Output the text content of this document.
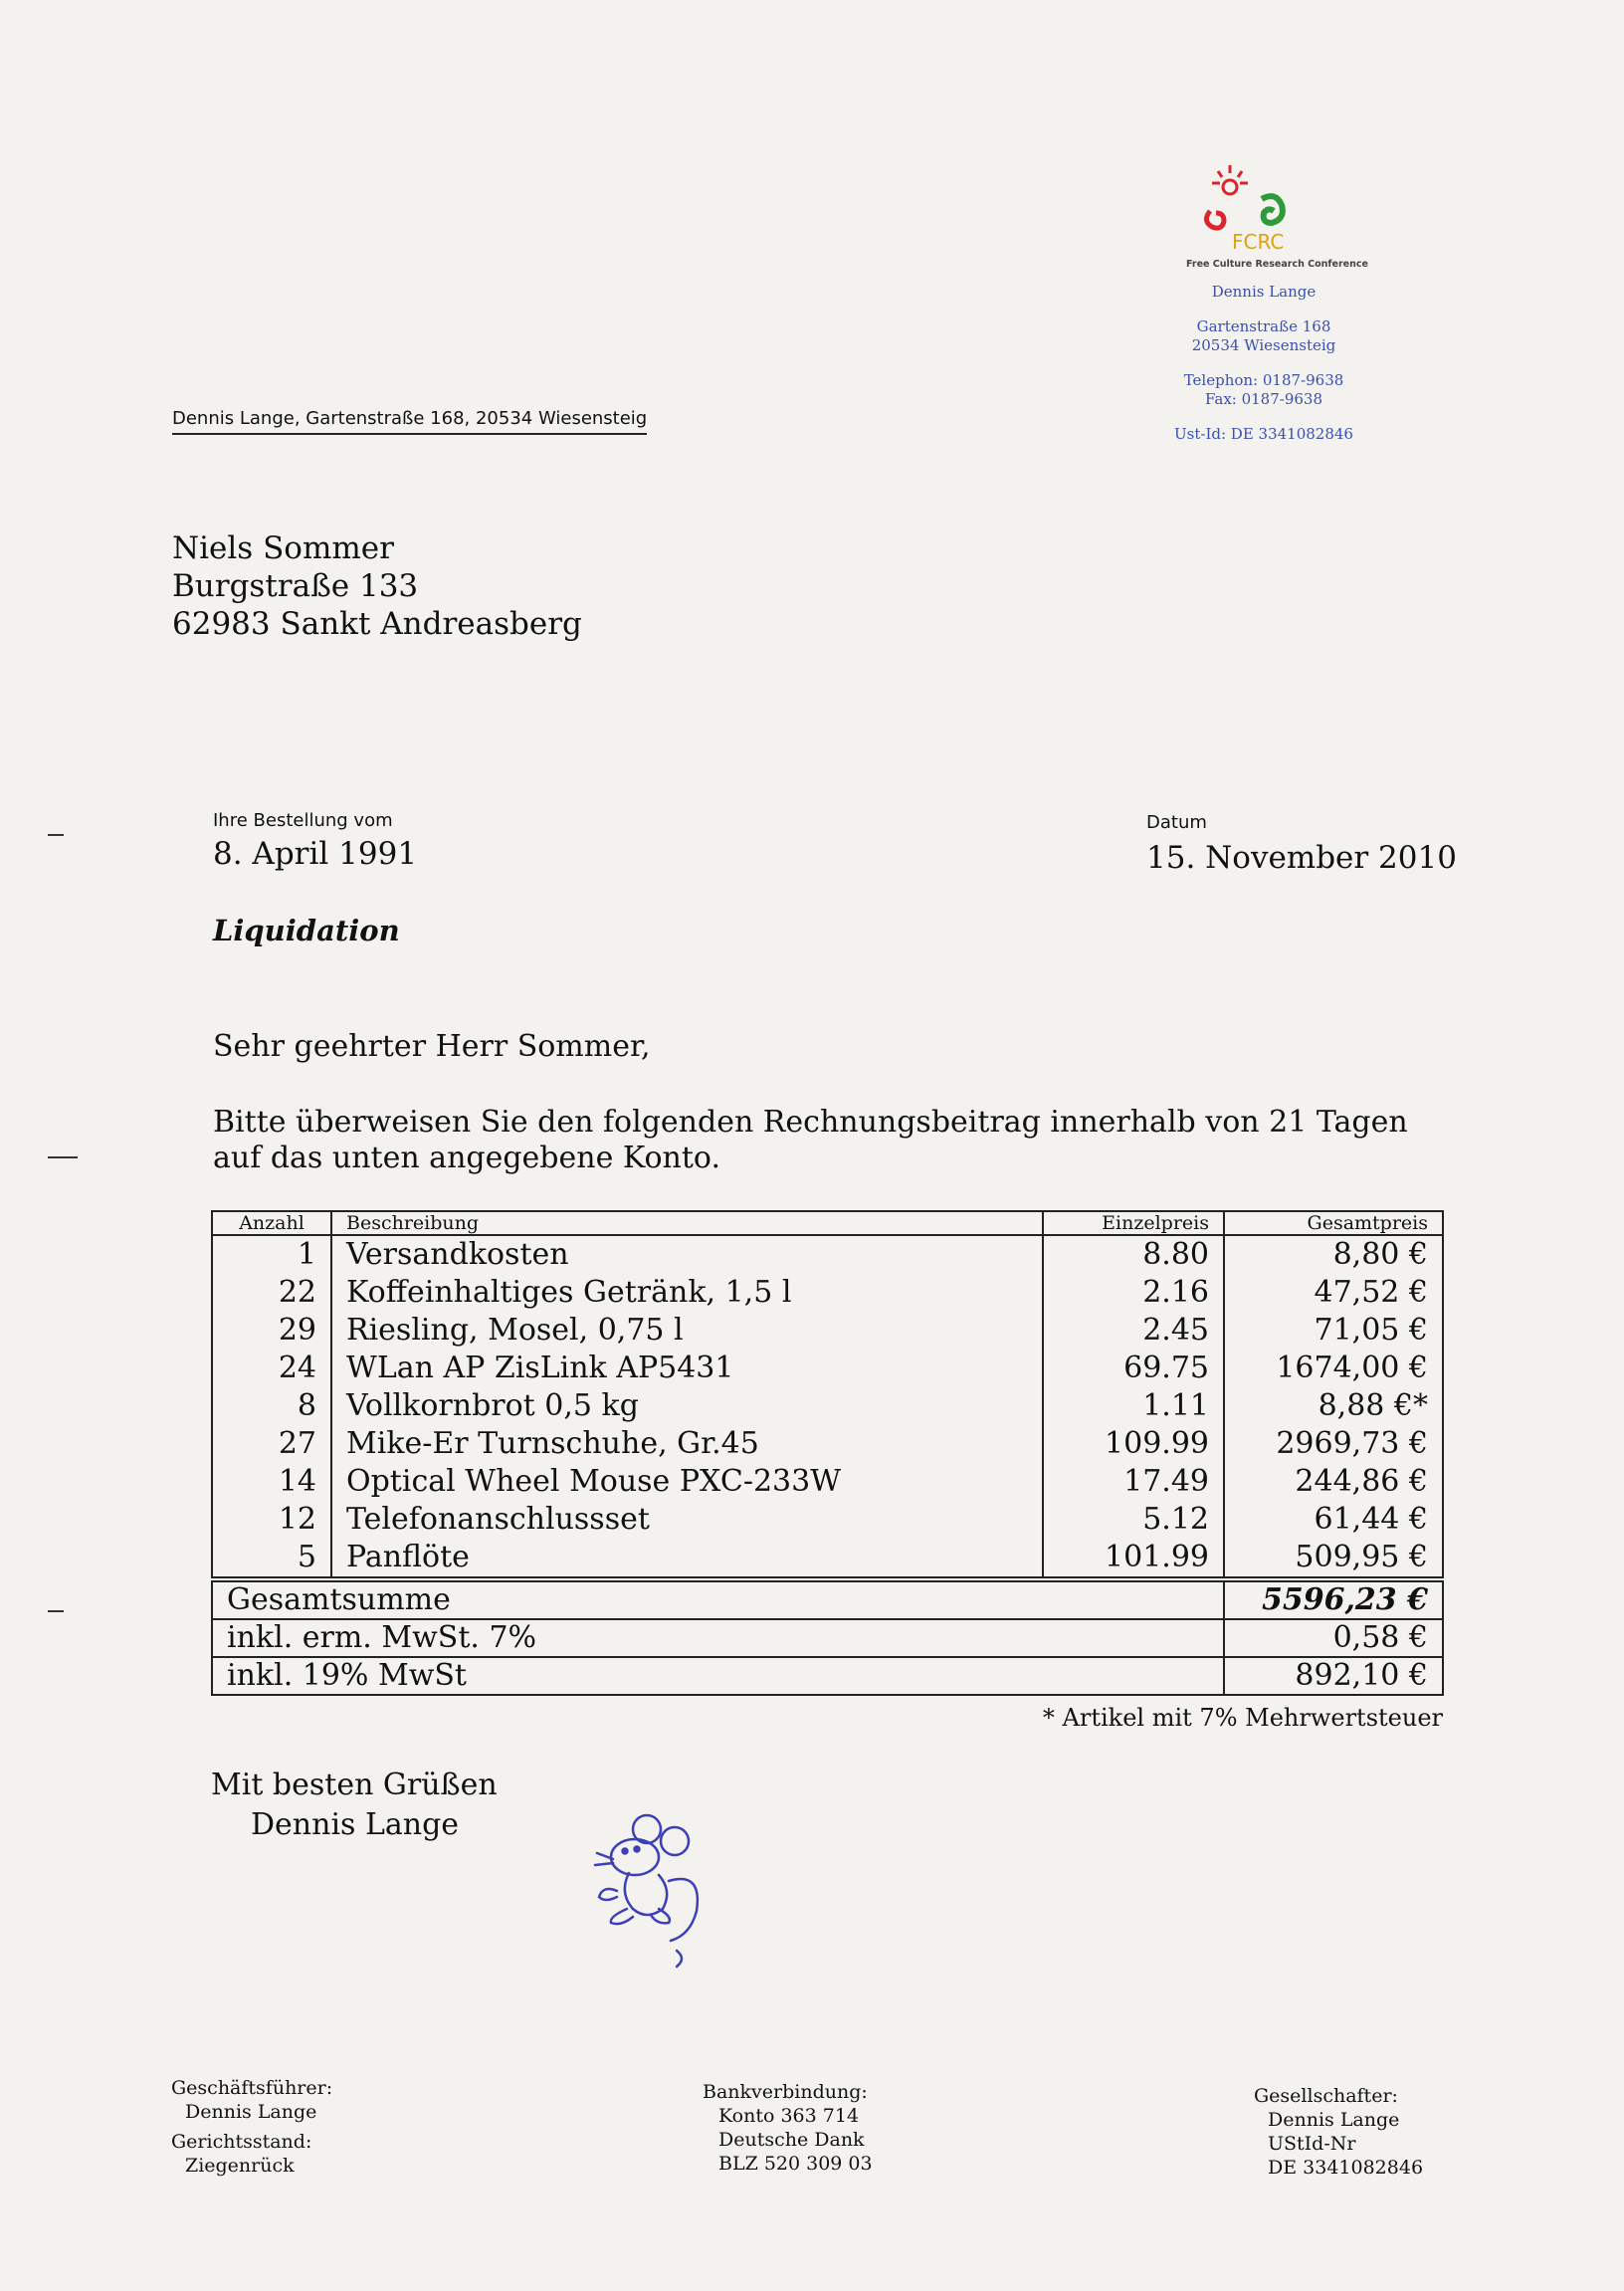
FCRC
Free Culture Research Conference
Dennis Lange
Gartenstraße 168
20534 Wiesensteig
Telephon: 0187-9638
Fax: 0187-9638
Ust-Id: DE 3341082846
Dennis Lange, Gartenstraße 168, 20534 Wiesensteig
Niels Sommer
Burgstraße 133
62983 Sankt Andreasberg
Ihre Bestellung vom
8. April 1991
Datum
15. November 2010
Liquidation
Sehr geehrter Herr Sommer,
Bitte überweisen Sie den folgenden Rechnungsbeitrag innerhalb von 21 Tagen
auf das unten angegebene Konto.
Anzahl	Beschreibung	Einzelpreis	Gesamtpreis
1	Versandkosten	8.80	8,80 €
22	Koffeinhaltiges Getränk, 1,5 l	2.16	47,52 €
29	Riesling, Mosel, 0,75 l	2.45	71,05 €
24	WLan AP ZisLink AP5431	69.75	1674,00 €
8	Vollkornbrot 0,5 kg	1.11	8,88 €*
27	Mike-Er Turnschuhe, Gr.45	109.99	2969,73 €
14	Optical Wheel Mouse PXC-233W	17.49	244,86 €
12	Telefonanschlussset	5.12	61,44 €
5	Panflöte	101.99	509,95 €
Gesamtsumme	5596,23 €
inkl. erm. MwSt. 7%	0,58 €
inkl. 19% MwSt	892,10 €
* Artikel mit 7% Mehrwertsteuer
Mit besten Grüßen
Dennis Lange
Geschäftsführer:
Dennis Lange
Gerichtsstand:
Ziegenrück
Bankverbindung:
Konto 363 714
Deutsche Dank
BLZ 520 309 03
Gesellschafter:
Dennis Lange
UStId-Nr
DE 3341082846
